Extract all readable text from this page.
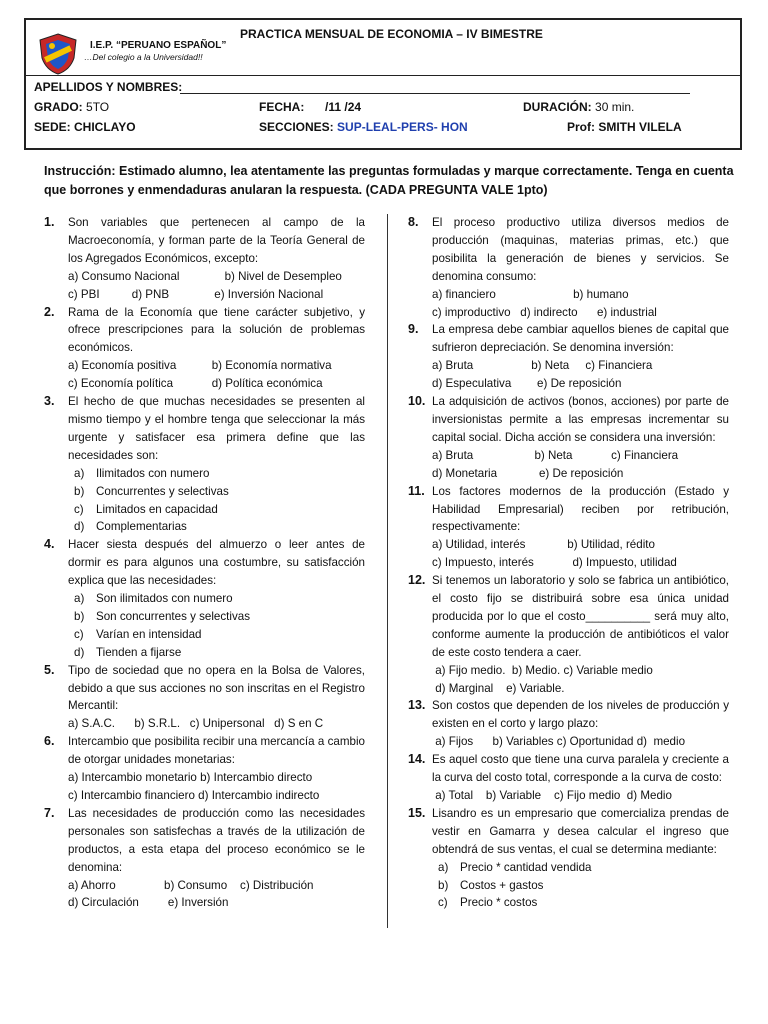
I.E.P. “PERUANO ESPAÑOL”
…Del colegio a la Universidad!!
PRACTICA MENSUAL DE ECONOMIA – IV BIMESTRE
APELLIDOS Y NOMBRES:
GRADO: 5TO	FECHA: /11 /24	DURACIÓN: 30 min.
SEDE: CHICLAYO	SECCIONES: SUP-LEAL-PERS- HON	Prof: SMITH VILELA
Instrucción: Estimado alumno, lea atentamente las preguntas formuladas y marque correctamente. Tenga en cuenta que borrones y enmendaduras anularan la respuesta. (CADA PREGUNTA VALE 1pto)
1. Son variables que pertenecen al campo de la Macroeconomía, y forman parte de la Teoría General de los Agregados Económicos, excepto:
a) Consumo Nacional              b) Nivel de Desempleo
c) PBI          d) PNB              e) Inversión Nacional
2. Rama de la Economía que tiene carácter subjetivo, y ofrece prescripciones para la solución de problemas económicos.
a) Economía positiva           b) Economía normativa
c) Economía política            d) Política económica
3. El hecho de que muchas necesidades se presenten al mismo tiempo y el hombre tenga que seleccionar la más urgente y satisfacer esa primera define que las necesidades son:
a) Ilimitados con numero
b) Concurrentes y selectivas
c) Limitados en capacidad
d) Complementarias
4. Hacer siesta después del almuerzo o leer antes de dormir es para algunos una costumbre, su satisfacción explica que las necesidades:
a) Son ilimitados con numero
b) Son concurrentes y selectivas
c) Varían en intensidad
d) Tienden a fijarse
5. Tipo de sociedad que no opera en la Bolsa de Valores, debido a que sus acciones no son inscritas en el Registro Mercantil:
a) S.A.C.      b) S.R.L.   c) Unipersonal   d) S en C
6. Intercambio que posibilita recibir una mercancía a cambio de otorgar unidades monetarias:
a) Intercambio monetario b) Intercambio directo
c) Intercambio financiero d) Intercambio indirecto
7. Las necesidades de producción como las necesidades personales son satisfechas a través de la utilización de productos, a esta etapa del proceso económico se le denomina:
a) Ahorro               b) Consumo    c) Distribución
d) Circulación         e) Inversión
8. El proceso productivo utiliza diversos medios de producción (maquinas, materias primas, etc.) que posibilita la generación de bienes y servicios. Se denomina consumo:
a) financiero                        b) humano
c) improductivo   d) indirecto      e) industrial
9. La empresa debe cambiar aquellos bienes de capital que sufrieron depreciación. Se denomina inversión:
a) Bruta                  b) Neta     c) Financiera
d) Especulativa        e) De reposición
10. La adquisición de activos (bonos, acciones) por parte de inversionistas permite a las empresas incrementar su capital social. Dicha acción se considera una inversión:
a) Bruta                   b) Neta            c) Financiera
d) Monetaria             e) De reposición
11. Los factores modernos de la producción (Estado y Habilidad Empresarial) reciben por retribución, respectivamente:
a) Utilidad, interés             b) Utilidad, rédito
c) Impuesto, interés            d) Impuesto, utilidad
12. Si tenemos un laboratorio y solo se fabrica un antibiótico, el costo fijo se distribuirá sobre esa única unidad producida por lo que el costo__________ será muy alto, conforme aumente la producción de antibióticos el valor de este costo tendera a caer.
a) Fijo medio.  b) Medio. c) Variable medio
d) Marginal    e) Variable.
13. Son costos que dependen de los niveles de producción y existen en el corto y largo plazo:
a) Fijos      b) Variables c) Oportunidad d)  medio
14. Es aquel costo que tiene una curva paralela y creciente a la curva del costo total, corresponde a la curva de costo:
a) Total    b) Variable    c) Fijo medio  d) Medio
15. Lisandro es un empresario que comercializa prendas de vestir en Gamarra y desea calcular el ingreso que obtendrá de sus ventas, el cual se determina mediante:
a) Precio * cantidad vendida
b) Costos + gastos
c) Precio * costos
